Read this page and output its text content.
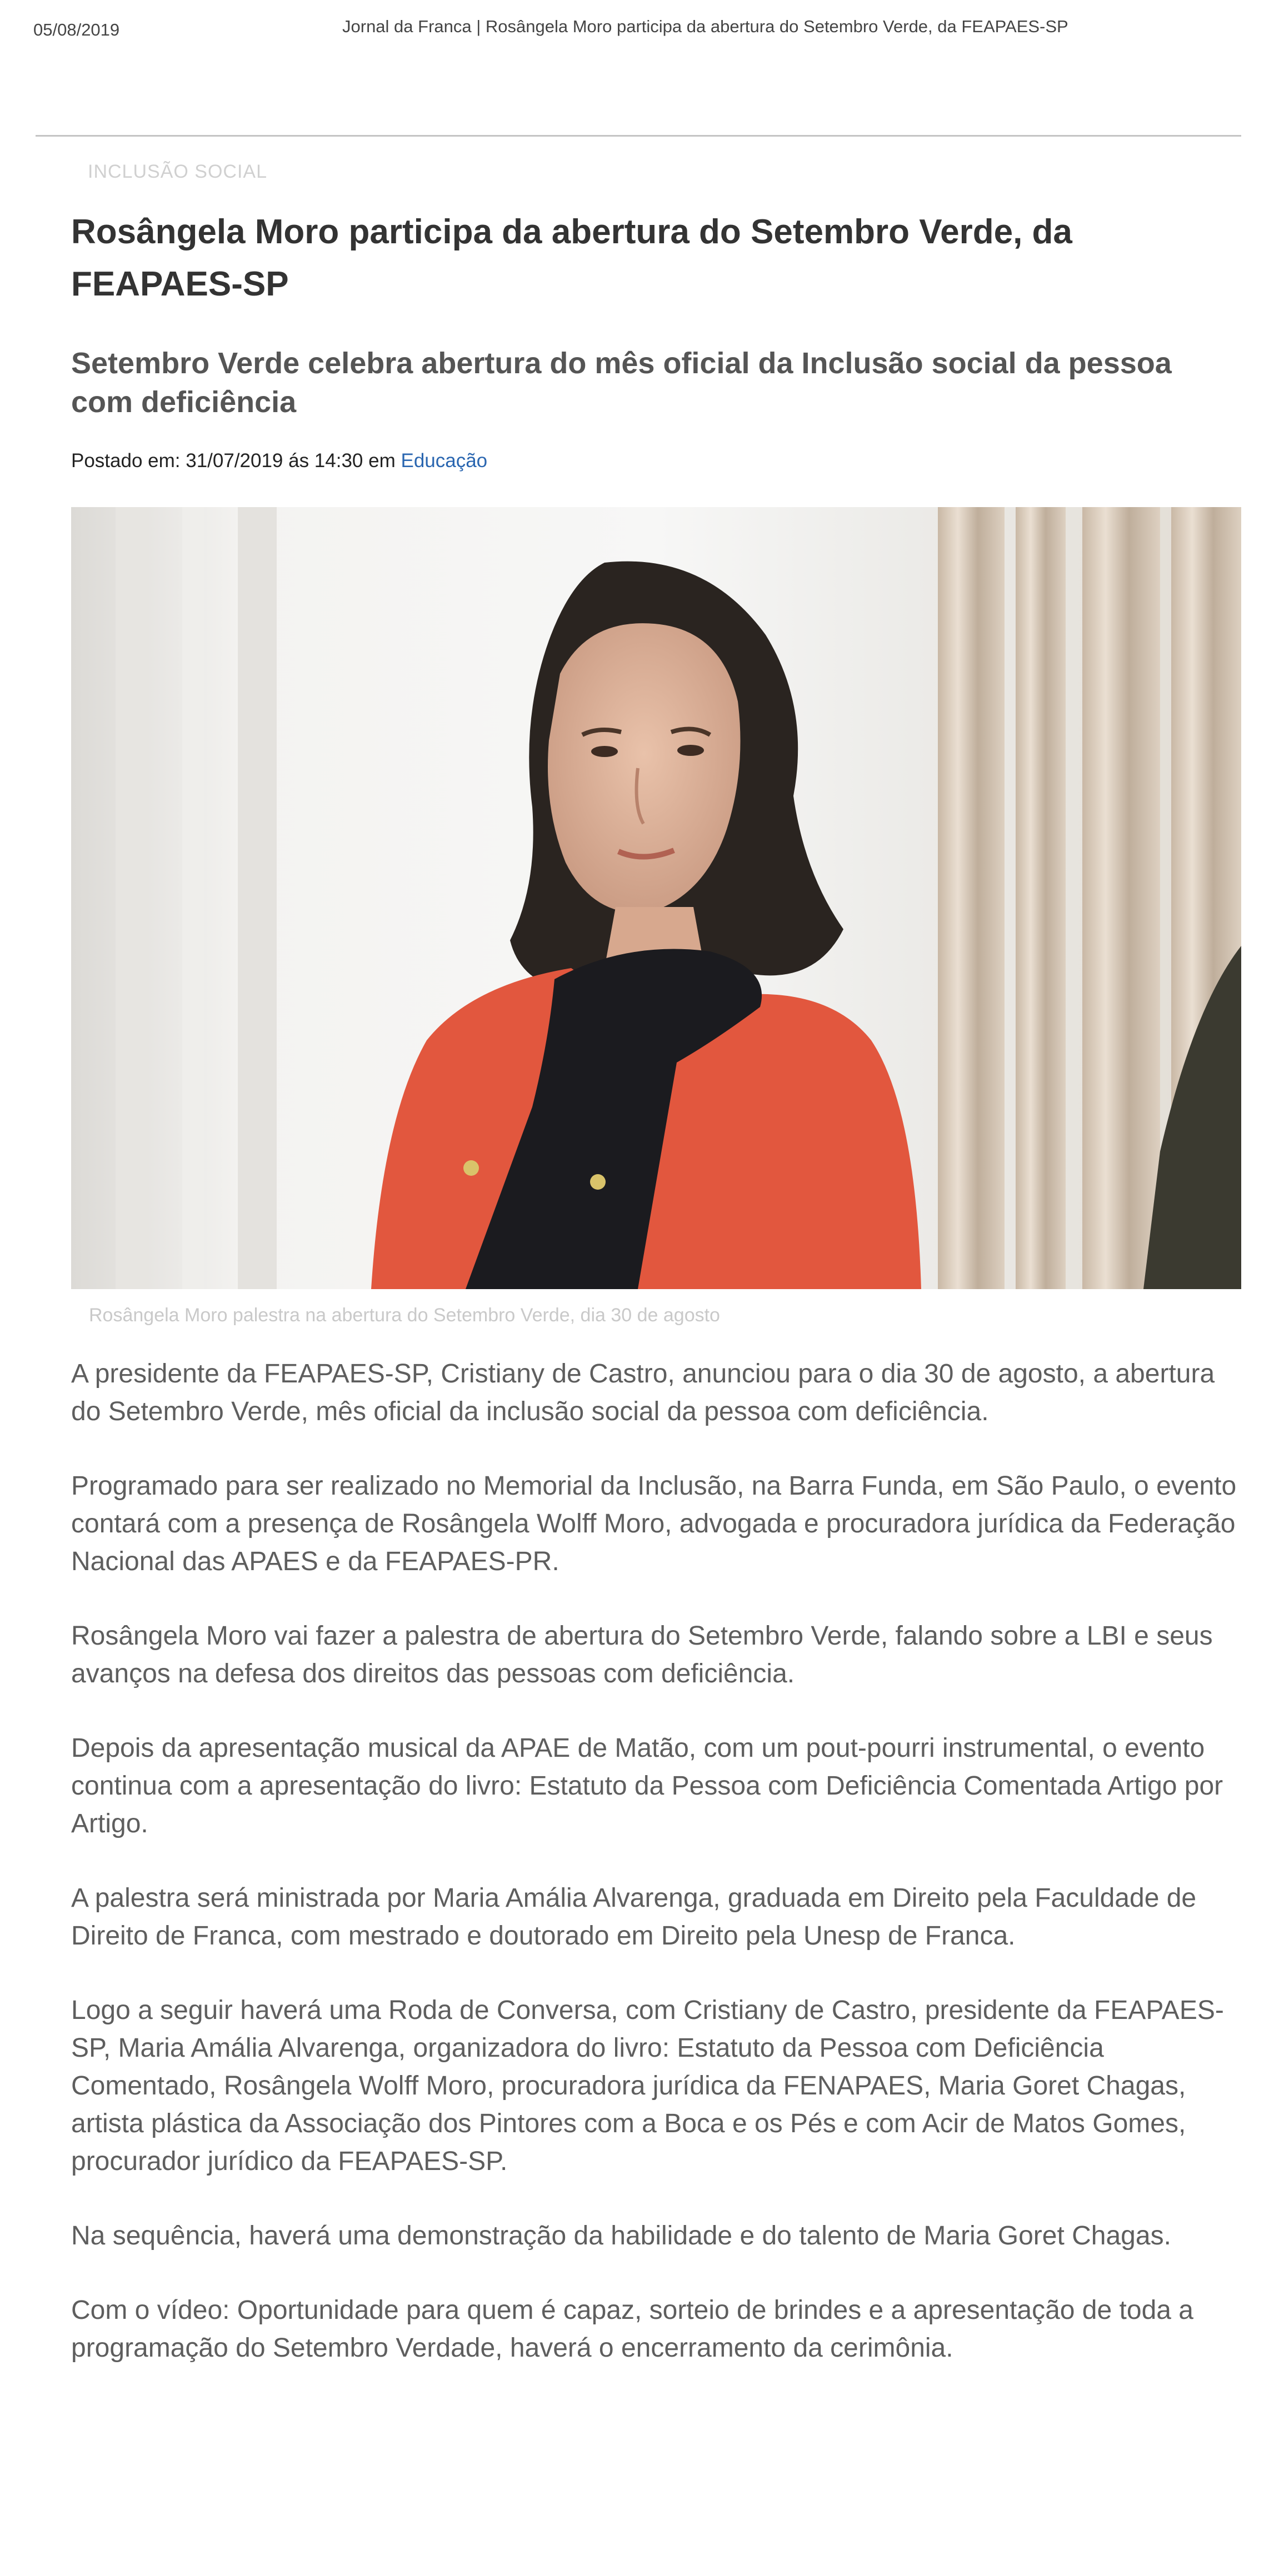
05/08/2019	Jornal da Franca | Rosângela Moro participa da abertura do Setembro Verde, da FEAPAES-SP
INCLUSÃO SOCIAL
Rosângela Moro participa da abertura do Setembro Verde, da FEAPAES-SP
Setembro Verde celebra abertura do mês oficial da Inclusão social da pessoa com deficiência
Postado em: 31/07/2019 ás 14:30 em Educação
Rosângela Moro palestra na abertura do Setembro Verde, dia 30 de agosto

A presidente da FEAPAES-SP, Cristiany de Castro, anunciou para o dia 30 de agosto, a abertura do Setembro Verde, mês oficial da inclusão social da pessoa com deficiência.

Programado para ser realizado no Memorial da Inclusão, na Barra Funda, em São Paulo, o evento contará com a presença de Rosângela Wolff Moro, advogada e procuradora jurídica da Federação Nacional das APAES e da FEAPAES-PR.

Rosângela Moro vai fazer a palestra de abertura do Setembro Verde, falando sobre a LBI e seus avanços na defesa dos direitos das pessoas com deficiência.

Depois da apresentação musical da APAE de Matão, com um pout-pourri instrumental, o evento continua com a apresentação do livro: Estatuto da Pessoa com Deficiência Comentada Artigo por Artigo.

A palestra será ministrada por Maria Amália Alvarenga, graduada em Direito pela Faculdade de Direito de Franca, com mestrado e doutorado em Direito pela Unesp de Franca.

Logo a seguir haverá uma Roda de Conversa, com Cristiany de Castro, presidente da FEAPAES-SP, Maria Amália Alvarenga, organizadora do livro: Estatuto da Pessoa com Deficiência Comentado, Rosângela Wolff Moro, procuradora jurídica da FENAPAES, Maria Goret Chagas, artista plástica da Associação dos Pintores com a Boca e os Pés e com Acir de Matos Gomes, procurador jurídico da FEAPAES-SP.

Na sequência, haverá uma demonstração da habilidade e do talento de Maria Goret Chagas.

Com o vídeo: Oportunidade para quem é capaz, sorteio de brindes e a apresentação de toda a programação do Setembro Verdade, haverá o encerramento da cerimônia.
